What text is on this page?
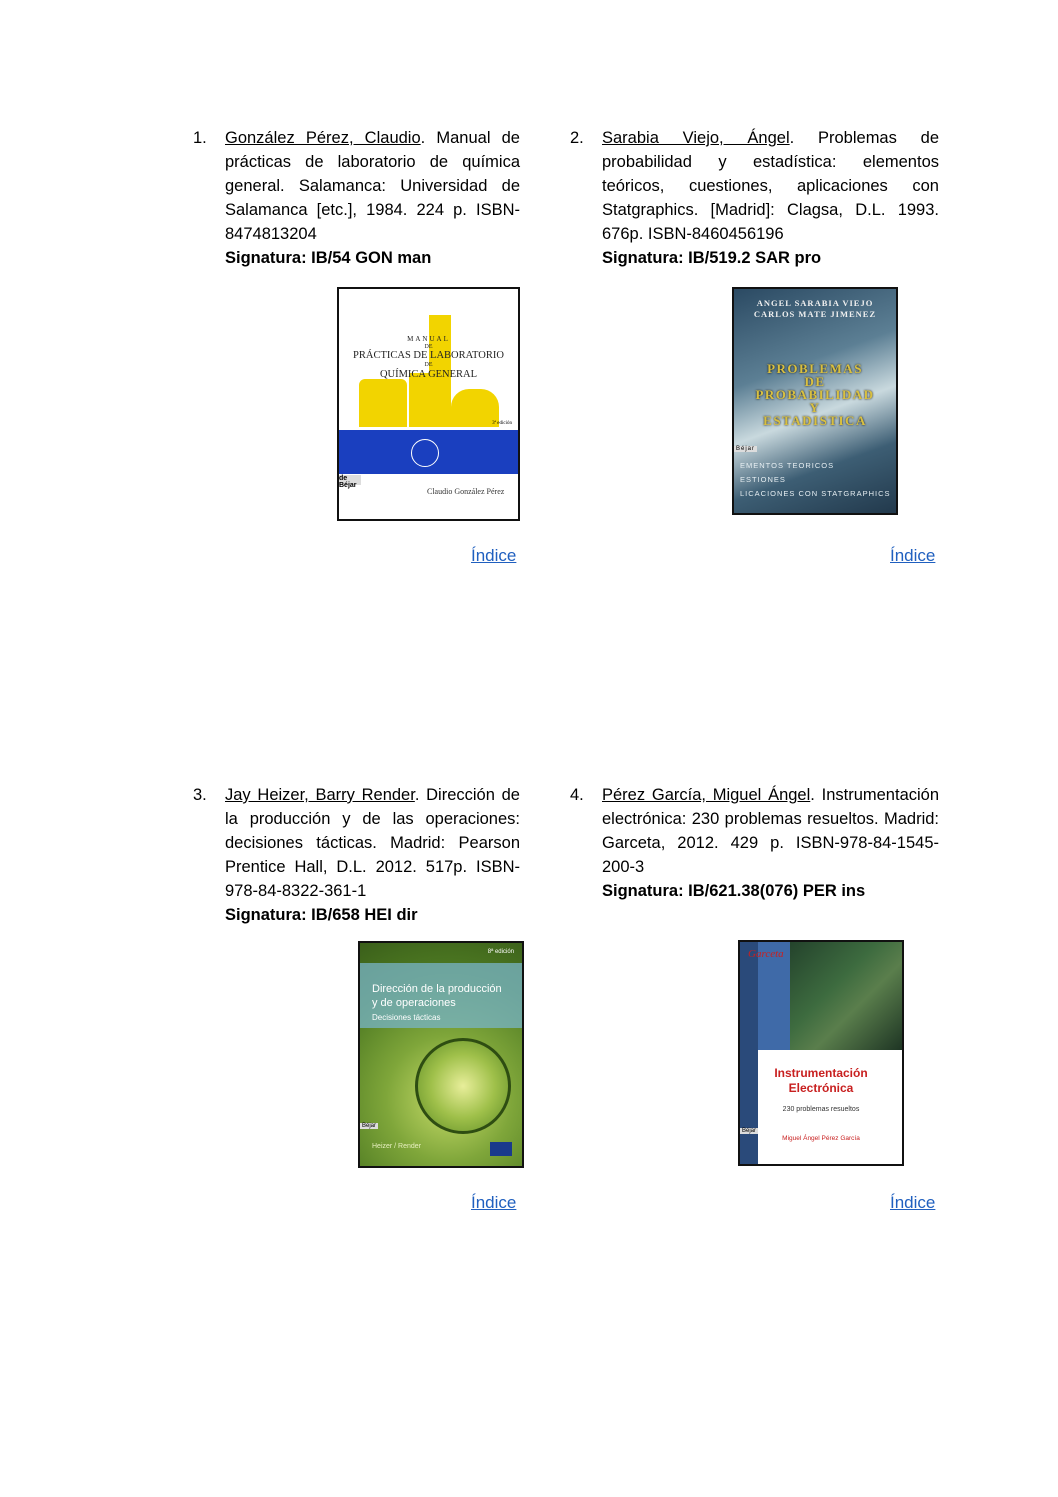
1. González Pérez, Claudio. Manual de prácticas de laboratorio de química general. Salamanca: Universidad de Salamanca [etc.], 1984. 224 p. ISBN-8474813204
Signatura: IB/54 GON man
MANUAL
DE
PRÁCTICAS DE LABORATORIO
DE
QUÍMICA GENERAL
3ª edición
de Béjar
Claudio González Pérez
Índice
2. Sarabia Viejo, Ángel. Problemas de probabilidad y estadística: elementos teóricos, cuestiones, aplicaciones con Statgraphics. [Madrid]: Clagsa, D.L. 1993. 676p. ISBN-8460456196
Signatura: IB/519.2 SAR pro
ANGEL SARABIA VIEJO
CARLOS MATE JIMENEZ
PROBLEMAS
DE
PROBABILIDAD
Y
ESTADISTICA
Béjar
EMENTOS TEORICOS
ESTIONES
LICACIONES CON STATGRAPHICS
Índice
3. Jay Heizer, Barry Render. Dirección de la producción y de las operaciones: decisiones tácticas. Madrid: Pearson Prentice Hall, D.L. 2012. 517p. ISBN-978-84-8322-361-1
Signatura: IB/658 HEI dir
8ª edición
Dirección de la producción
y de operaciones
Decisiones tácticas
Béjar
Heizer / Render
Índice
4. Pérez García, Miguel Ángel. Instrumentación electrónica: 230 problemas resueltos. Madrid: Garceta, 2012. 429 p. ISBN-978-84-1545-200-3
Signatura: IB/621.38(076) PER ins
Garceta
Instrumentación
Electrónica
230 problemas resueltos
Béjar
Miguel Ángel Pérez García
Índice
